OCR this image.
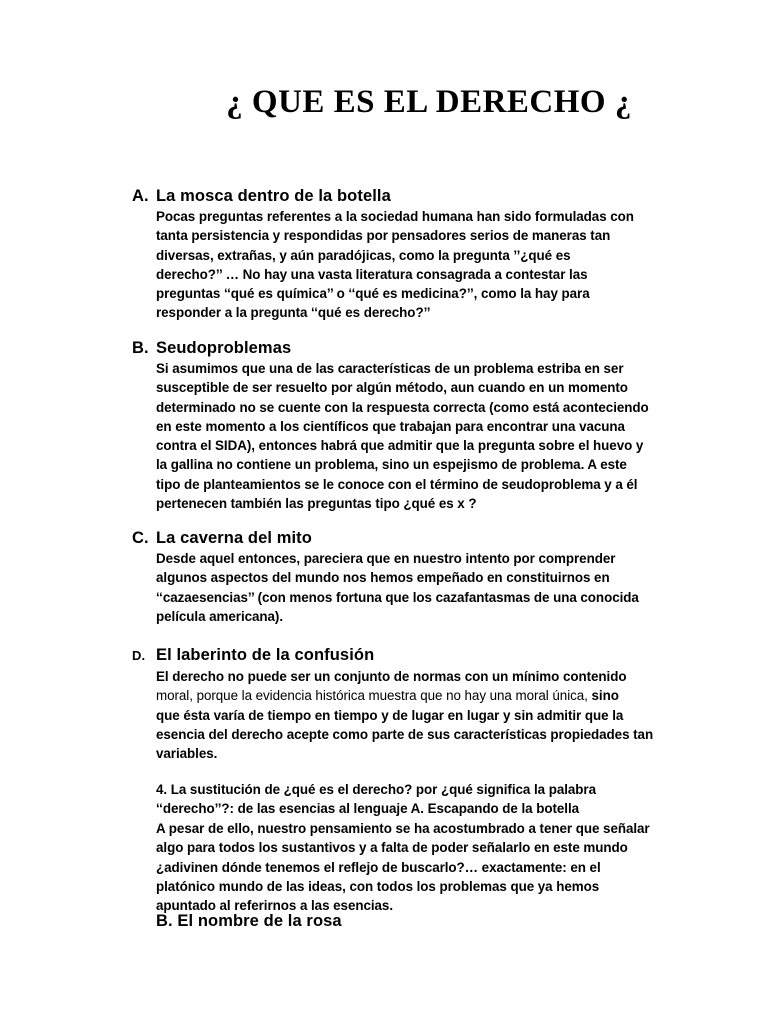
¿ QUE ES EL DERECHO ¿
A. La mosca dentro de la botella
Pocas preguntas referentes a la sociedad humana han sido formuladas con
tanta persistencia y respondidas por pensadores serios de maneras tan
diversas, extrañas, y aún paradójicas, como la pregunta ’’¿qué es
derecho?’’ … No hay una vasta literatura consagrada a contestar las
preguntas ‘‘qué es química’’ o ‘‘qué es medicina?’’, como la hay para
responder a la pregunta ‘‘qué es derecho?’’
B. Seudoproblemas
Si asumimos que una de las características de un problema estriba en ser
susceptible de ser resuelto por algún método, aun cuando en un momento
determinado no se cuente con la respuesta correcta (como está aconteciendo
en este momento a los científicos que trabajan para encontrar una vacuna
contra el SIDA), entonces habrá que admitir que la pregunta sobre el huevo y
la gallina no contiene un problema, sino un espejismo de problema. A este
tipo de planteamientos se le conoce con el término de seudoproblema y a él
pertenecen también las preguntas tipo ¿qué es x ?
C. La caverna del mito
Desde aquel entonces, pareciera que en nuestro intento por comprender
algunos aspectos del mundo nos hemos empeñado en constituirnos en
‘‘cazaesencias’’ (con menos fortuna que los cazafantasmas de una conocida
película americana).
D. El laberinto de la confusión
El derecho no puede ser un conjunto de normas con un mínimo contenido
moral, porque la evidencia histórica muestra que no hay una moral única, sino
que ésta varía de tiempo en tiempo y de lugar en lugar y sin admitir que la
esencia del derecho acepte como parte de sus características propiedades tan
variables.
4. La sustitución de ¿qué es el derecho? por ¿qué significa la palabra
‘‘derecho’’?: de las esencias al lenguaje A. Escapando de la botella
A pesar de ello, nuestro pensamiento se ha acostumbrado a tener que señalar
algo para todos los sustantivos y a falta de poder señalarlo en este mundo
¿adivinen dónde tenemos el reflejo de buscarlo?… exactamente: en el
platónico mundo de las ideas, con todos los problemas que ya hemos
apuntado al referirnos a las esencias.
B. El nombre de la rosa
